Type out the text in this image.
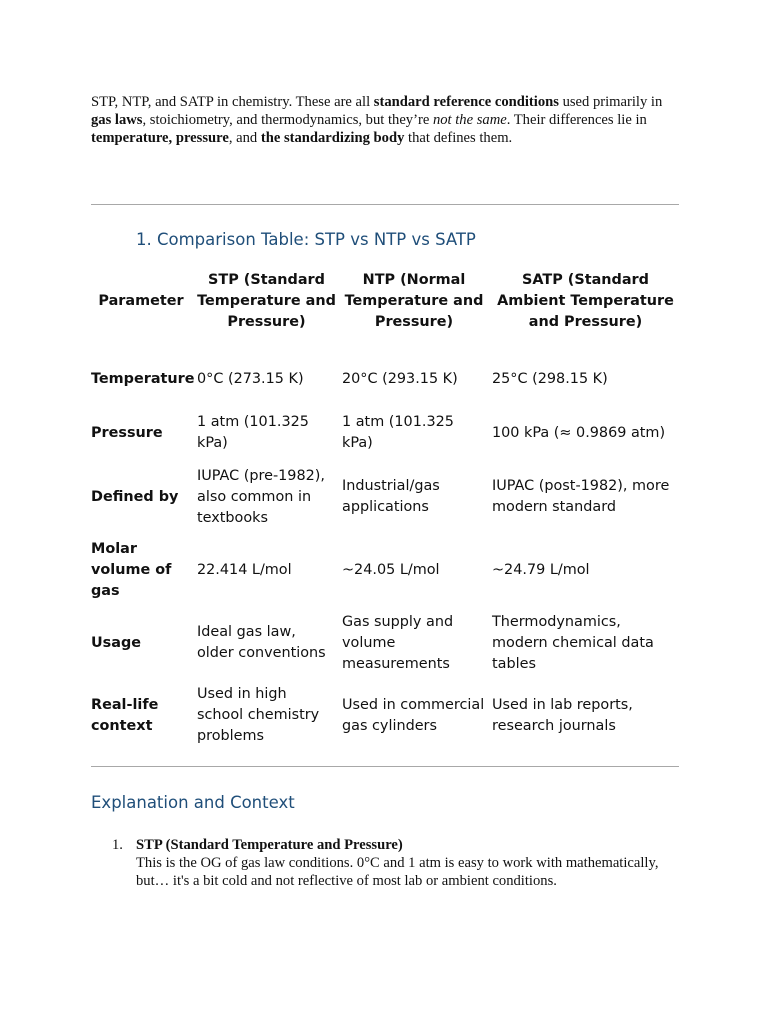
STP, NTP, and SATP in chemistry. These are all standard reference conditions used primarily in gas laws, stoichiometry, and thermodynamics, but they’re not the same. Their differences lie in temperature, pressure, and the standardizing body that defines them.

1. Comparison Table: STP vs NTP vs SATP
Parameter	STP (Standard Temperature and Pressure)	NTP (Normal Temperature and Pressure)	SATP (Standard Ambient Temperature and Pressure)
Temperature	0°C (273.15 K)	20°C (293.15 K)	25°C (298.15 K)
Pressure	1 atm (101.325 kPa)	1 atm (101.325 kPa)	100 kPa (≈ 0.9869 atm)
Defined by	IUPAC (pre-1982), also common in textbooks	Industrial/gas applications	IUPAC (post-1982), more modern standard
Molar volume of gas	22.414 L/mol	~24.05 L/mol	~24.79 L/mol
Usage	Ideal gas law, older conventions	Gas supply and volume measurements	Thermodynamics, modern chemical data tables
Real-life context	Used in high school chemistry problems	Used in commercial gas cylinders	Used in lab reports, research journals
Explanation and Context
1. STP (Standard Temperature and Pressure)
This is the OG of gas law conditions. 0°C and 1 atm is easy to work with mathematically, but… it's a bit cold and not reflective of most lab or ambient conditions.
